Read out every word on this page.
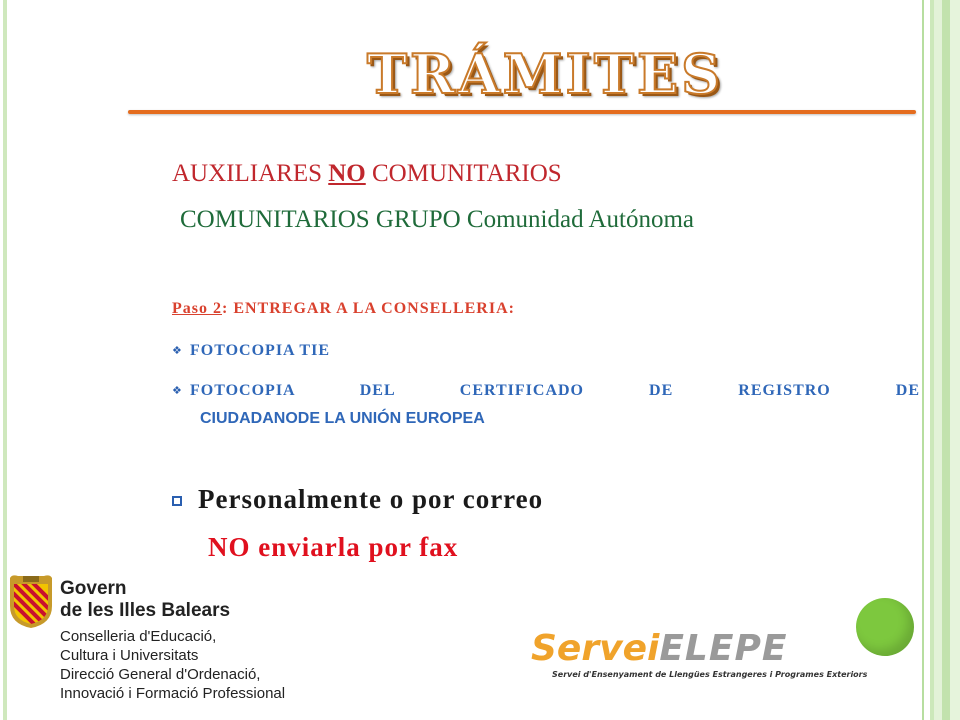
TRÁMITES
AUXILIARES NO COMUNITARIOS
COMUNITARIOS GRUPO Comunidad Autónoma
Paso 2: ENTREGAR A LA CONSELLERIA:
❖ FOTOCOPIA TIE
❖ FOTOCOPIA DEL CERTIFICADO DE REGISTRO DE
CIUDADANODE LA UNIÓN EUROPEA
Personalmente o por correo
NO enviarla por fax
Govern
de les Illes Balears
Conselleria d'Educació,
Cultura i Universitats
Direcció General d'Ordenació,
Innovació i Formació Professional
ServeiELEPE
Servei d'Ensenyament de Llengües Estrangeres i Programes Exteriors
